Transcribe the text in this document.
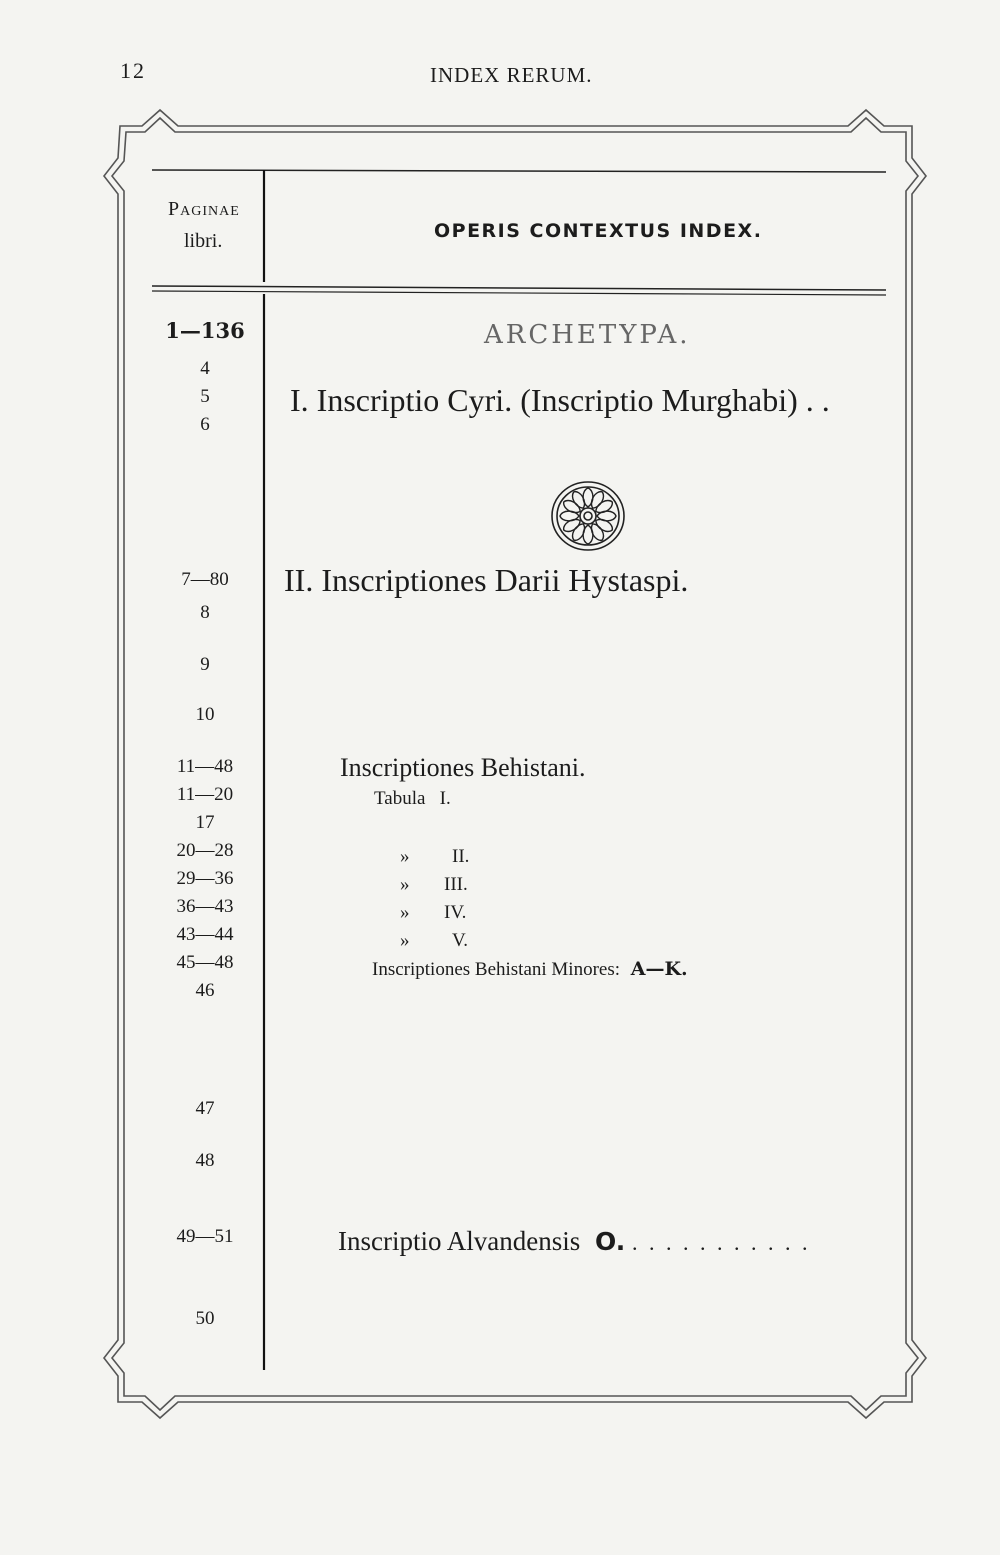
12	INDEX RERUM.
Paginae
libri.	OPERIS CONTEXTUS INDEX.
1—136
4
5
6
7—80
8
9
10
11—48
11—20
17
20—28
29—36
36—43
43—44
45—48
46
47
48
49—51
50
ARCHETYPA.
I. Inscriptio Cyri. (Inscriptio Murghabi) . .
II. Inscriptiones Darii Hystaspi.
Inscriptiones Behistani.
Tabula   I.
» II.
» III.
» IV.
» V.
Inscriptiones Behistani Minores: A—K.
Inscriptio Alvandensis O. . . . . . . . . . . .
